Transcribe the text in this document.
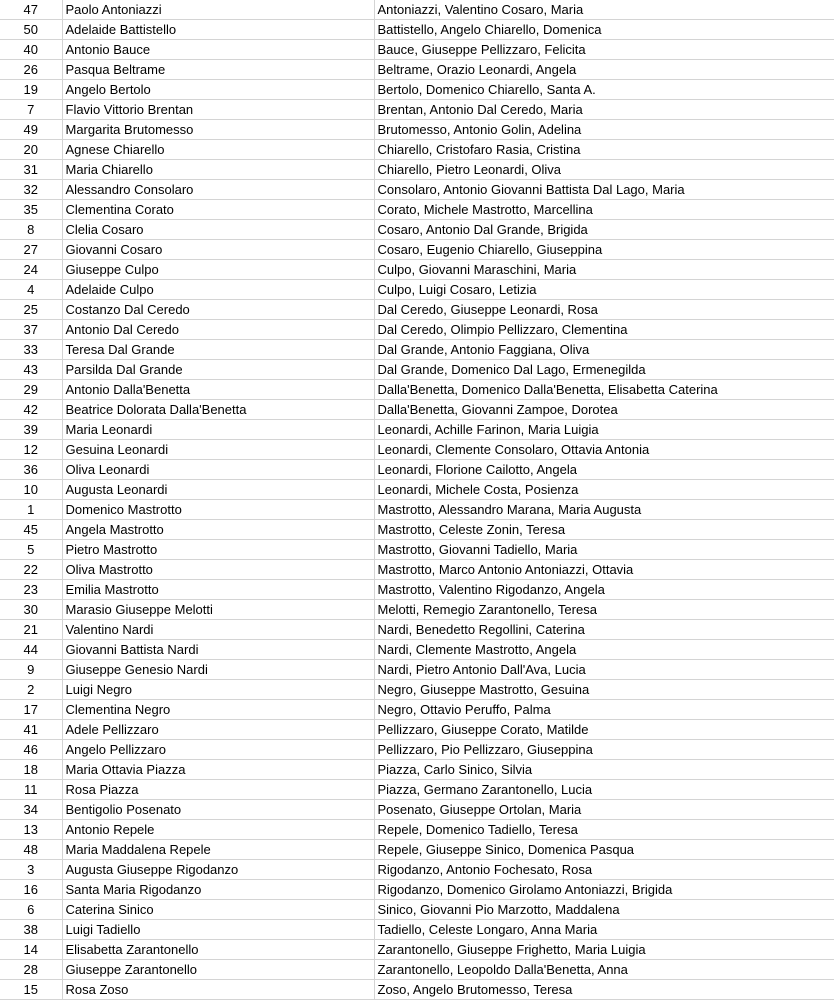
47	Paolo Antoniazzi	Antoniazzi, Valentino Cosaro, Maria
50	Adelaide Battistello	Battistello, Angelo Chiarello, Domenica
40	Antonio Bauce	Bauce, Giuseppe Pellizzaro, Felicita
26	Pasqua Beltrame	Beltrame, Orazio Leonardi, Angela
19	Angelo Bertolo	Bertolo, Domenico Chiarello, Santa A.
7	Flavio Vittorio Brentan	Brentan, Antonio Dal Ceredo, Maria
49	Margarita Brutomesso	Brutomesso, Antonio Golin, Adelina
20	Agnese Chiarello	Chiarello, Cristofaro Rasia, Cristina
31	Maria Chiarello	Chiarello, Pietro Leonardi, Oliva
32	Alessandro Consolaro	Consolaro, Antonio Giovanni Battista Dal Lago, Maria
35	Clementina Corato	Corato, Michele Mastrotto, Marcellina
8	Clelia Cosaro	Cosaro, Antonio Dal Grande, Brigida
27	Giovanni Cosaro	Cosaro, Eugenio Chiarello, Giuseppina
24	Giuseppe Culpo	Culpo, Giovanni Maraschini, Maria
4	Adelaide Culpo	Culpo, Luigi Cosaro, Letizia
25	Costanzo Dal Ceredo	Dal Ceredo, Giuseppe Leonardi, Rosa
37	Antonio Dal Ceredo	Dal Ceredo, Olimpio Pellizzaro, Clementina
33	Teresa Dal Grande	Dal Grande, Antonio Faggiana, Oliva
43	Parsilda Dal Grande	Dal Grande, Domenico Dal Lago, Ermenegilda
29	Antonio Dalla'Benetta	Dalla'Benetta, Domenico Dalla'Benetta, Elisabetta Caterina
42	Beatrice Dolorata Dalla'Benetta	Dalla'Benetta, Giovanni Zampoe, Dorotea
39	Maria Leonardi	Leonardi, Achille Farinon, Maria Luigia
12	Gesuina Leonardi	Leonardi, Clemente Consolaro, Ottavia Antonia
36	Oliva Leonardi	Leonardi, Florione Cailotto, Angela
10	Augusta Leonardi	Leonardi, Michele Costa, Posienza
1	Domenico Mastrotto	Mastrotto, Alessandro Marana, Maria Augusta
45	Angela Mastrotto	Mastrotto, Celeste Zonin, Teresa
5	Pietro Mastrotto	Mastrotto, Giovanni Tadiello, Maria
22	Oliva Mastrotto	Mastrotto, Marco Antonio Antoniazzi, Ottavia
23	Emilia Mastrotto	Mastrotto, Valentino Rigodanzo, Angela
30	Marasio Giuseppe Melotti	Melotti, Remegio Zarantonello, Teresa
21	Valentino Nardi	Nardi, Benedetto Regollini, Caterina
44	Giovanni Battista Nardi	Nardi, Clemente Mastrotto, Angela
9	Giuseppe Genesio Nardi	Nardi, Pietro Antonio Dall'Ava, Lucia
2	Luigi Negro	Negro, Giuseppe Mastrotto, Gesuina
17	Clementina Negro	Negro, Ottavio Peruffo, Palma
41	Adele Pellizzaro	Pellizzaro, Giuseppe Corato, Matilde
46	Angelo Pellizzaro	Pellizzaro, Pio Pellizzaro, Giuseppina
18	Maria Ottavia Piazza	Piazza, Carlo Sinico, Silvia
11	Rosa Piazza	Piazza, Germano Zarantonello, Lucia
34	Bentigolio Posenato	Posenato, Giuseppe Ortolan, Maria
13	Antonio Repele	Repele, Domenico Tadiello, Teresa
48	Maria Maddalena Repele	Repele, Giuseppe Sinico, Domenica Pasqua
3	Augusta Giuseppe Rigodanzo	Rigodanzo, Antonio Fochesato, Rosa
16	Santa Maria Rigodanzo	Rigodanzo, Domenico Girolamo Antoniazzi, Brigida
6	Caterina Sinico	Sinico, Giovanni Pio Marzotto, Maddalena
38	Luigi Tadiello	Tadiello, Celeste Longaro, Anna Maria
14	Elisabetta Zarantonello	Zarantonello, Giuseppe Frighetto, Maria Luigia
28	Giuseppe Zarantonello	Zarantonello, Leopoldo Dalla'Benetta, Anna
15	Rosa Zoso	Zoso, Angelo Brutomesso, Teresa
